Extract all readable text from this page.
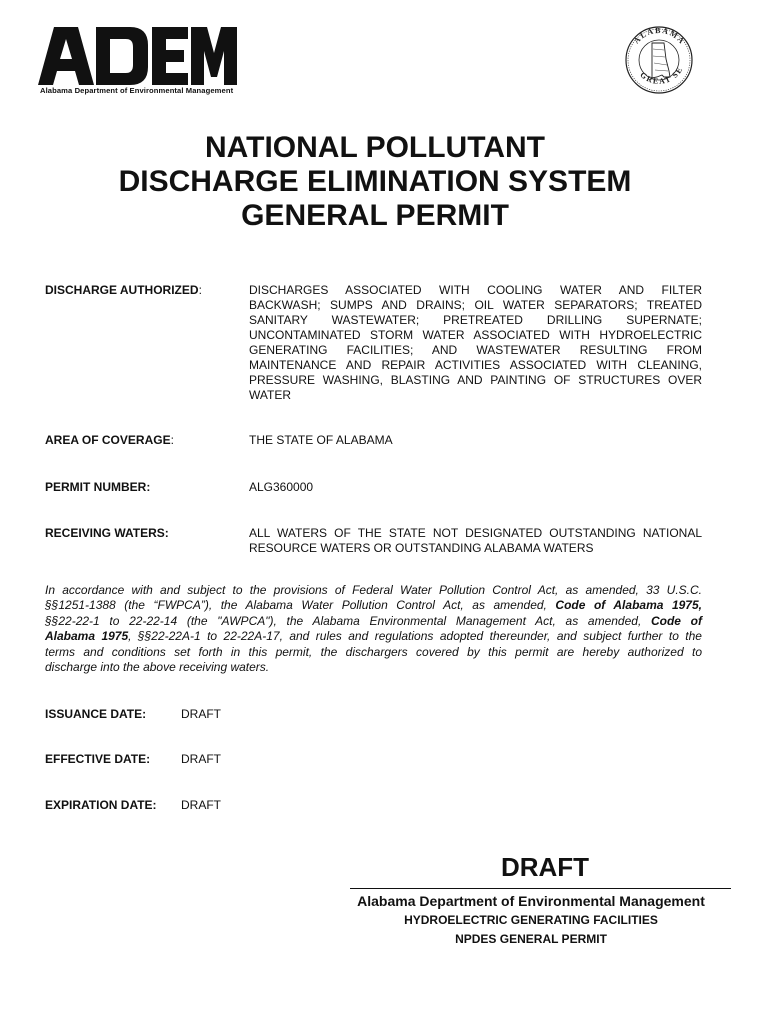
ADEM
Alabama Department of Environmental Management
ALABAMA
GREAT SE
NATIONAL POLLUTANT
DISCHARGE ELIMINATION SYSTEM
GENERAL PERMIT
DISCHARGE AUTHORIZED:	DISCHARGES ASSOCIATED WITH COOLING WATER AND FILTER
BACKWASH; SUMPS AND DRAINS; OIL WATER SEPARATORS; TREATED
SANITARY WASTEWATER; PRETREATED DRILLING SUPERNATE;
UNCONTAMINATED STORM WATER ASSOCIATED WITH HYDROELECTRIC
GENERATING FACILITIES; AND WASTEWATER RESULTING FROM
MAINTENANCE AND REPAIR ACTIVITIES ASSOCIATED WITH CLEANING,
PRESSURE WASHING, BLASTING AND PAINTING OF STRUCTURES OVER
WATER
AREA OF COVERAGE:	THE STATE OF ALABAMA
PERMIT NUMBER:	ALG360000
RECEIVING WATERS:	ALL WATERS OF THE STATE NOT DESIGNATED OUTSTANDING NATIONAL
RESOURCE WATERS OR OUTSTANDING ALABAMA WATERS
In accordance with and subject to the provisions of Federal Water Pollution Control Act, as amended, 33 U.S.C.
§§1251-1388 (the “FWPCA”), the Alabama Water Pollution Control Act, as amended, Code of Alabama 1975,
§§22-22-1 to 22-22-14 (the "AWPCA"), the Alabama Environmental Management Act, as amended, Code of
Alabama 1975, §§22-22A-1 to 22-22A-17, and rules and regulations adopted thereunder, and subject further to the
terms and conditions set forth in this permit, the dischargers covered by this permit are hereby authorized to
discharge into the above receiving waters.
ISSUANCE DATE:	DRAFT
EFFECTIVE DATE:	DRAFT
EXPIRATION DATE: DRAFT
DRAFT
Alabama Department of Environmental Management
HYDROELECTRIC GENERATING FACILITIES
NPDES GENERAL PERMIT
